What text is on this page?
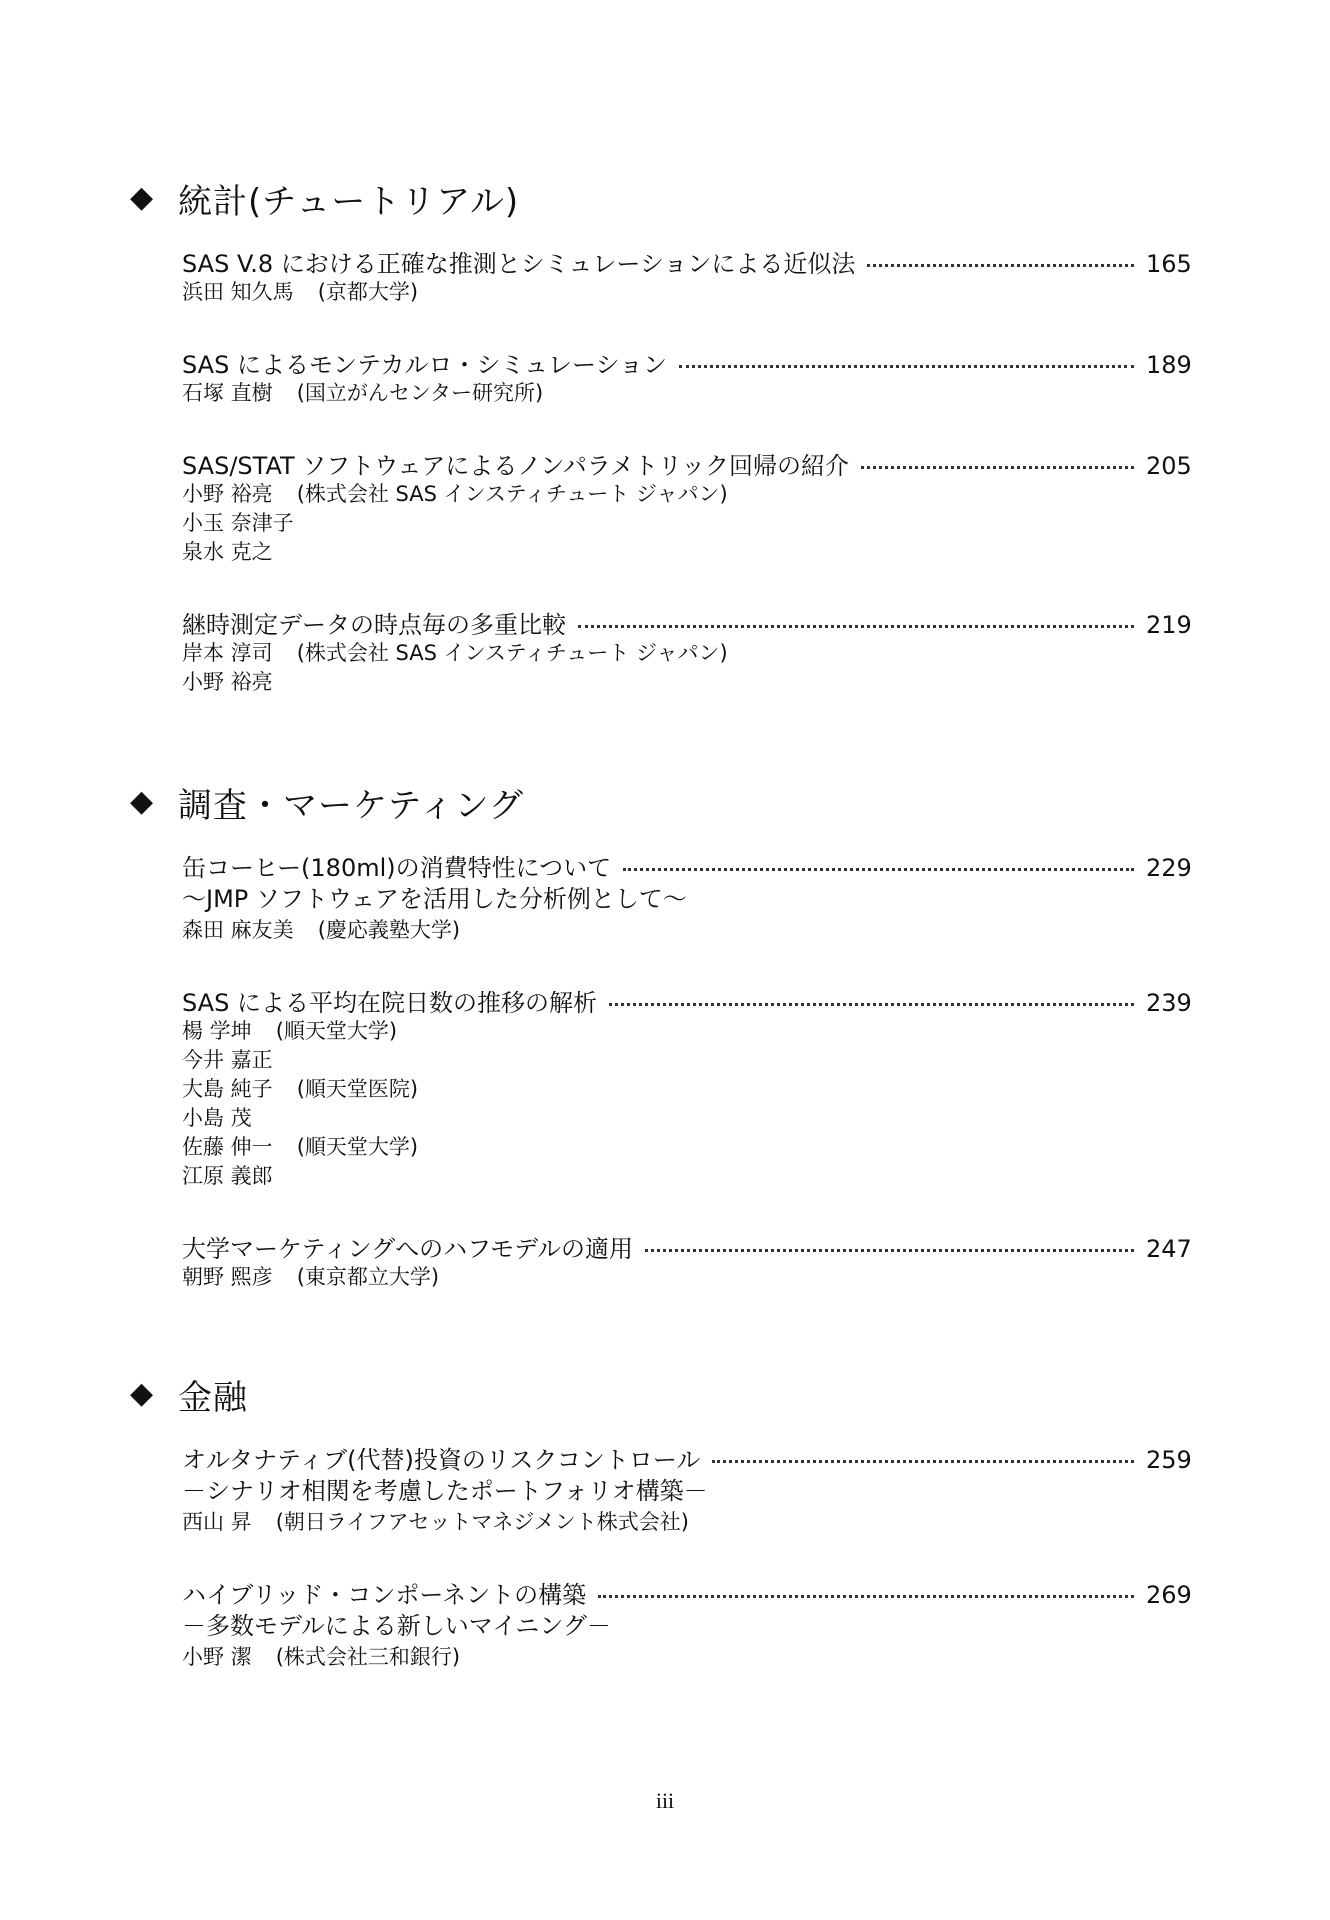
◆ 統計(チュートリアル)
SAS V.8 における正確な推測とシミュレーションによる近似法	165
浜田 知久馬 (京都大学)
SAS によるモンテカルロ・シミュレーション	189
石塚 直樹 (国立がんセンター研究所)
SAS/STAT ソフトウェアによるノンパラメトリック回帰の紹介	205
小野 裕亮 (株式会社 SAS インスティチュート ジャパン)
小玉 奈津子
泉水 克之
継時測定データの時点毎の多重比較	219
岸本 淳司 (株式会社 SAS インスティチュート ジャパン)
小野 裕亮
◆ 調査・マーケティング
缶コーヒー(180ml)の消費特性について	229
～JMP ソフトウェアを活用した分析例として～
森田 麻友美 (慶応義塾大学)
SAS による平均在院日数の推移の解析	239
楊 学坤 (順天堂大学)
今井 嘉正
大島 純子 (順天堂医院)
小島 茂
佐藤 伸一 (順天堂大学)
江原 義郎
大学マーケティングへのハフモデルの適用	247
朝野 熙彦 (東京都立大学)
◆ 金融
オルタナティブ(代替)投資のリスクコントロール	259
－シナリオ相関を考慮したポートフォリオ構築－
西山 昇 (朝日ライフアセットマネジメント株式会社)
ハイブリッド・コンポーネントの構築	269
－多数モデルによる新しいマイニング－
小野 潔 (株式会社三和銀行)
iii
